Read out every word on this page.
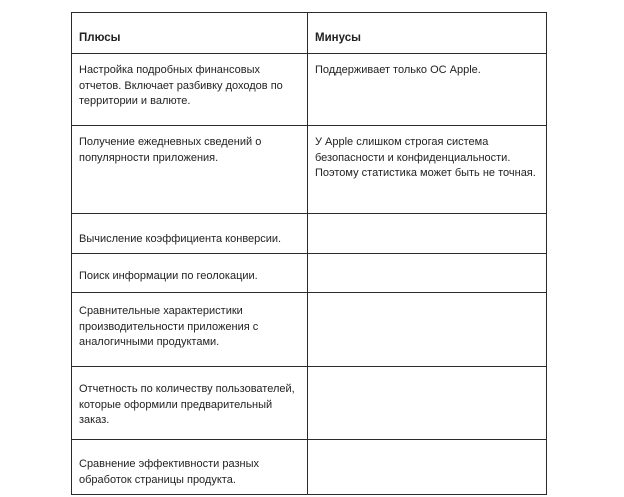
Плюсы	Минусы

Настройка подробных финансовых отчетов. Включает разбивку доходов по территории и валюте.	Поддерживает только ОС Apple.

Получение ежедневных сведений о популярности приложения.	У Apple слишком строгая система безопасности и конфиденциальности. Поэтому статистика может быть не точная.

Вычисление коэффициента конверсии.	

Поиск информации по геолокации.	

Сравнительные характеристики производительности приложения с аналогичными продуктами.	

Отчетность по количеству пользователей, которые оформили предварительный заказ.	

Сравнение эффективности разных обработок страницы продукта.	
